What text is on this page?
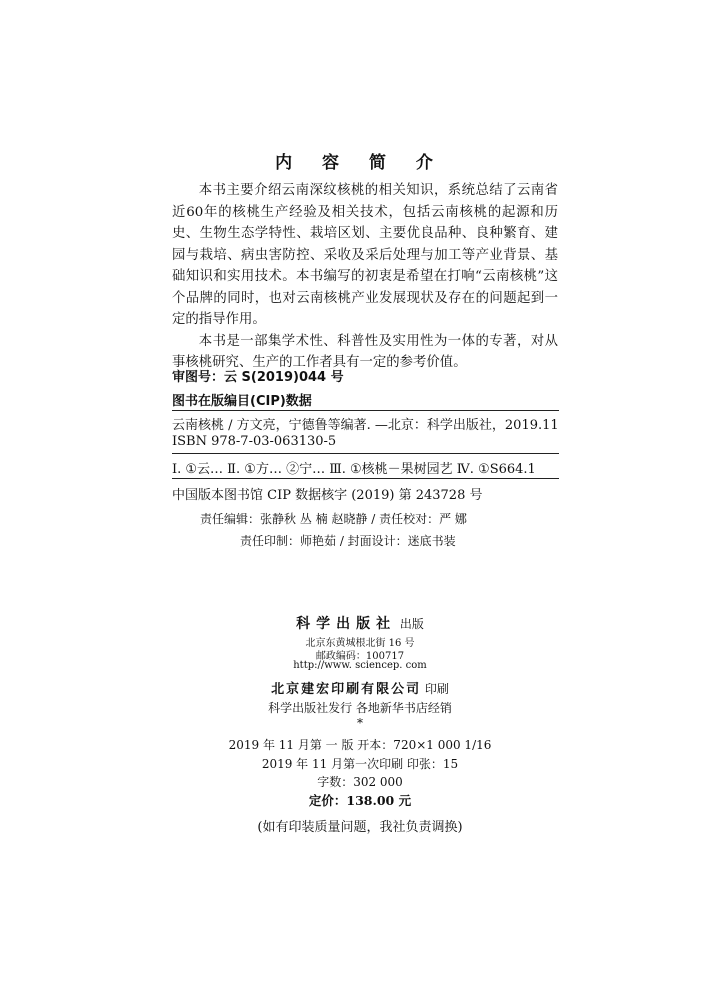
内 容 简 介

本书主要介绍云南深纹核桃的相关知识，系统总结了云南省近60年的核桃生产经验及相关技术，包括云南核桃的起源和历史、生物生态学特性、栽培区划、主要优良品种、良种繁育、建园与栽培、病虫害防控、采收及采后处理与加工等产业背景、基础知识和实用技术。本书编写的初衷是希望在打响“云南核桃”这个品牌的同时，也对云南核桃产业发展现状及存在的问题起到一定的指导作用。

本书是一部集学术性、科普性及实用性为一体的专著，对从事核桃研究、生产的工作者具有一定的参考价值。

审图号：云 S(2019)044 号
图书在版编目(CIP)数据
云南核桃 / 方文亮，宁德鲁等编著. —北京：科学出版社，2019.11
ISBN 978-7-03-063130-5
Ⅰ. ①云… Ⅱ. ①方… ②宁… Ⅲ. ①核桃－果树园艺 Ⅳ. ①S664.1
中国版本图书馆 CIP 数据核字 (2019) 第 243728 号
责任编辑：张静秋 丛 楠 赵晓静 / 责任校对：严 娜
责任印制：师艳茹 / 封面设计：迷底书装
科学出版社 出版
北京东黄城根北街 16 号
邮政编码：100717
http://www. sciencep. com
北京建宏印刷有限公司 印刷
科学出版社发行 各地新华书店经销
*
2019 年 11 月第 一 版 开本：720×1 000 1/16
2019 年 11 月第一次印刷 印张：15
字数：302 000
定价：138.00 元
(如有印装质量问题，我社负责调换)
